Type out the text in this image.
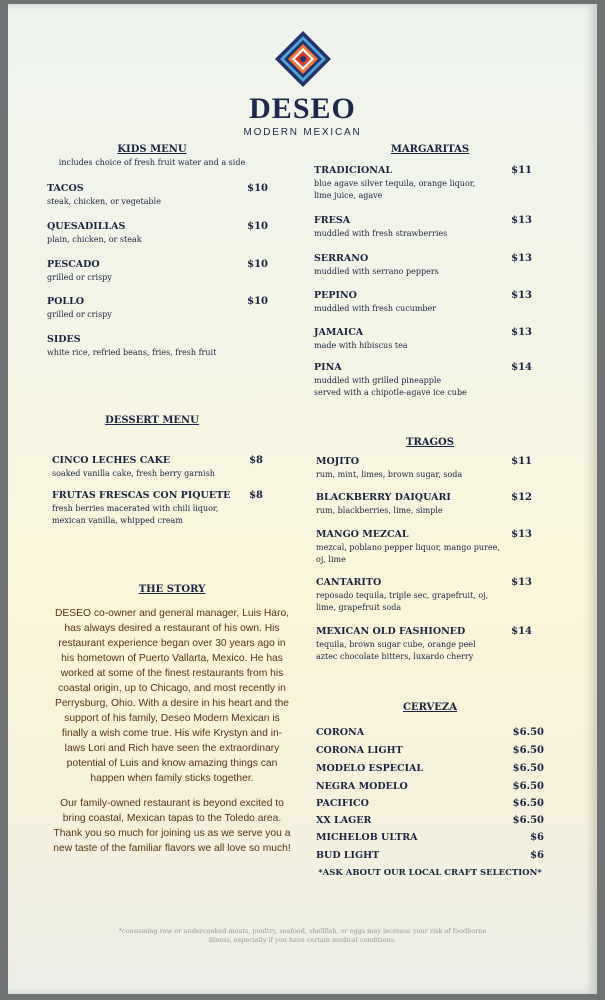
DESEO
MODERN MEXICAN
KIDS MENU
includes choice of fresh fruit water and a side
TACOS
steak, chicken, or vegetable
$10
QUESADILLAS
plain, chicken, or steak
$10
PESCADO
grilled or crispy
$10
POLLO
grilled or crispy
$10
SIDES
white rice, refried beans, fries, fresh fruit
DESSERT MENU
CINCO LECHES CAKE
soaked vanilla cake, fresh berry garnish
$8
FRUTAS FRESCAS CON PIQUETE
fresh berries macerated with chili liquor,
mexican vanilla, whipped cream
$8
THE STORY
DESEO co-owner and general manager, Luis Haro, has always desired a restaurant of his own. His restaurant experience began over 30 years ago in his hometown of Puerto Vallarta, Mexico. He has worked at some of the finest restaurants from his coastal origin, up to Chicago, and most recently in Perrysburg, Ohio. With a desire in his heart and the support of his family, Deseo Modern Mexican is finally a wish come true. His wife Krystyn and in-laws Lori and Rich have seen the extraordinary potential of Luis and know amazing things can happen when family sticks together.
Our family-owned restaurant is beyond excited to bring coastal, Mexican tapas to the Toledo area. Thank you so much for joining us as we serve you a new taste of the familiar flavors we all love so much!
MARGARITAS
TRADICIONAL
blue agave silver tequila, orange liquor,
lime juice, agave
$11
FRESA
muddled with fresh strawberries
$13
SERRANO
muddled with serrano peppers
$13
PEPINO
muddled with fresh cucumber
$13
JAMAICA
made with hibiscus tea
$13
PINA
muddled with grilled pineapple
served with a chipotle-agave ice cube
$14
TRAGOS
MOJITO
rum, mint, limes, brown sugar, soda
$11
BLACKBERRY DAIQUARI
rum, blackberries, lime, simple
$12
MANGO MEZCAL
mezcal, poblano pepper liquor, mango puree,
oj, lime
$13
CANTARITO
reposado tequila, triple sec, grapefruit, oj,
lime, grapefruit soda
$13
MEXICAN OLD FASHIONED
tequila, brown sugar cube, orange peel
aztec chocolate bitters, luxardo cherry
$14
CERVEZA
CORONA	$6.50
CORONA LIGHT	$6.50
MODELO ESPECIAL	$6.50
NEGRA MODELO	$6.50
PACIFICO	$6.50
XX LAGER	$6.50
MICHELOB ULTRA	$6
BUD LIGHT	$6
*ASK ABOUT OUR LOCAL CRAFT SELECTION*
*consuming raw or undercooked meats, poultry, seafood, shellfish, or eggs may increase your risk of foodborne illness, especially if you have certain medical conditions.
